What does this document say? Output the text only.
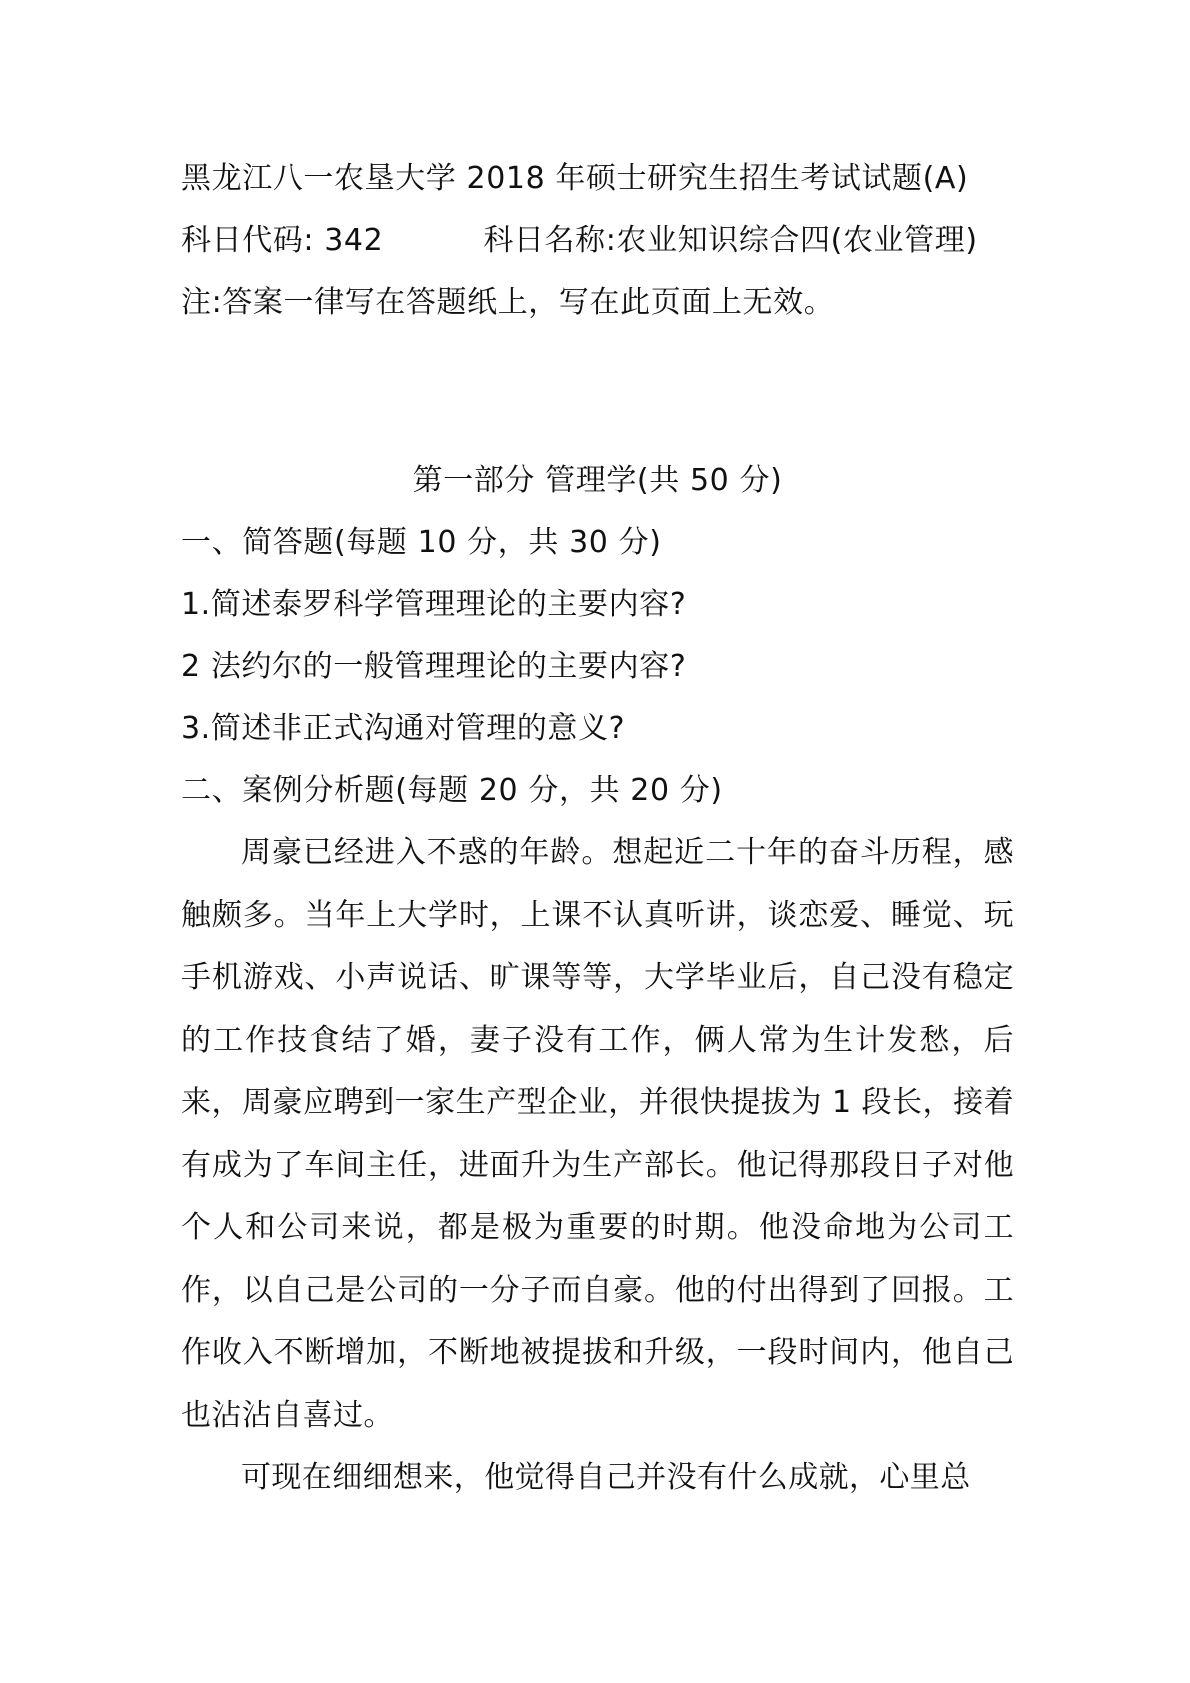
黑龙江八一农垦大学 2018 年硕士研究生招生考试试题(A)
科日代码: 342	科日名称:农业知识综合四(农业管理)
注:答案一律写在答题纸上，写在此页面上无效。
第一部分 管理学(共 50 分)
一、简答题(每题 10 分，共 30 分)
1.简述泰罗科学管理理论的主要内容?
2 法约尔的一般管理理论的主要内容?
3.简述非正式沟通对管理的意义?
二、案例分析题(每题 20 分，共 20 分)

周豪已经进入不惑的年龄。想起近二十年的奋斗历程，感触颇多。当年上大学时，上课不认真听讲，谈恋爱、睡觉、玩手机游戏、小声说话、旷课等等，大学毕业后，自己没有稳定的工作技食结了婚，妻子没有工作，俩人常为生计发愁，后来，周豪应聘到一家生产型企业，并很快提拔为 1 段长，接着有成为了车间主任，进面升为生产部长。他记得那段日子对他个人和公司来说，都是极为重要的时期。他没命地为公司工作，以自己是公司的一分子而自豪。他的付出得到了回报。工作收入不断增加，不断地被提拔和升级，一段时间内，他自己也沾沾自喜过。

可现在细细想来，他觉得自己并没有什么成就，心里总
